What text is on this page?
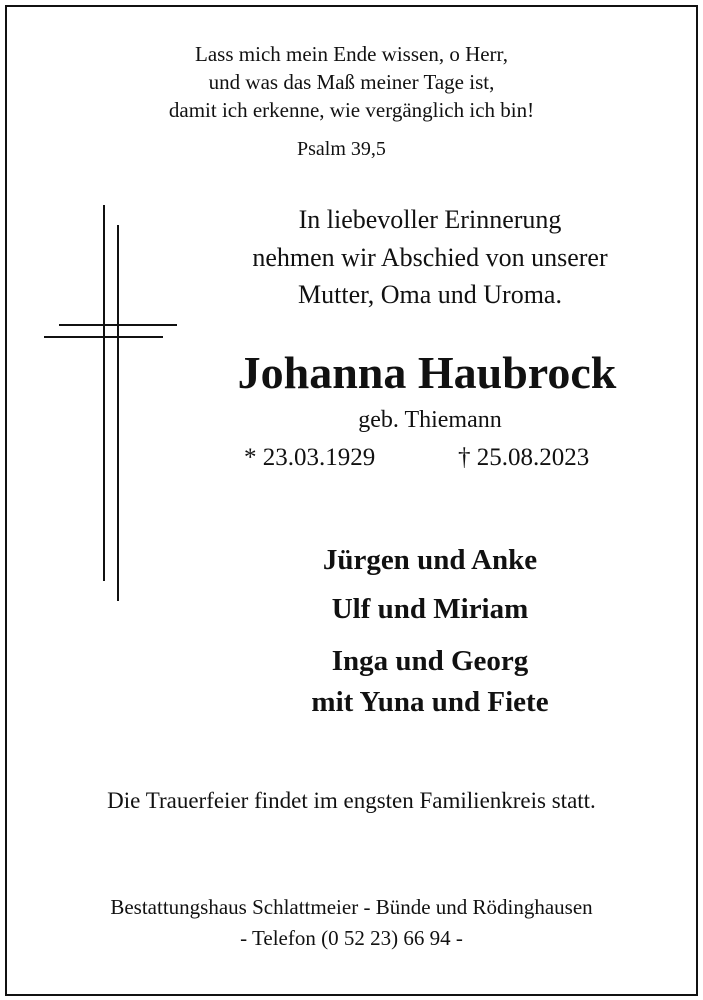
Lass mich mein Ende wissen, o Herr,
und was das Maß meiner Tage ist,
damit ich erkenne, wie vergänglich ich bin!
Psalm 39,5
In liebevoller Erinnerung
nehmen wir Abschied von unserer
Mutter, Oma und Uroma.
Johanna Haubrock
geb. Thiemann
* 23.03.1929	† 25.08.2023
Jürgen und Anke
Ulf und Miriam
Inga und Georg
mit Yuna und Fiete
Die Trauerfeier findet im engsten Familienkreis statt.
Bestattungshaus Schlattmeier - Bünde und Rödinghausen
- Telefon (0 52 23) 66 94 -
